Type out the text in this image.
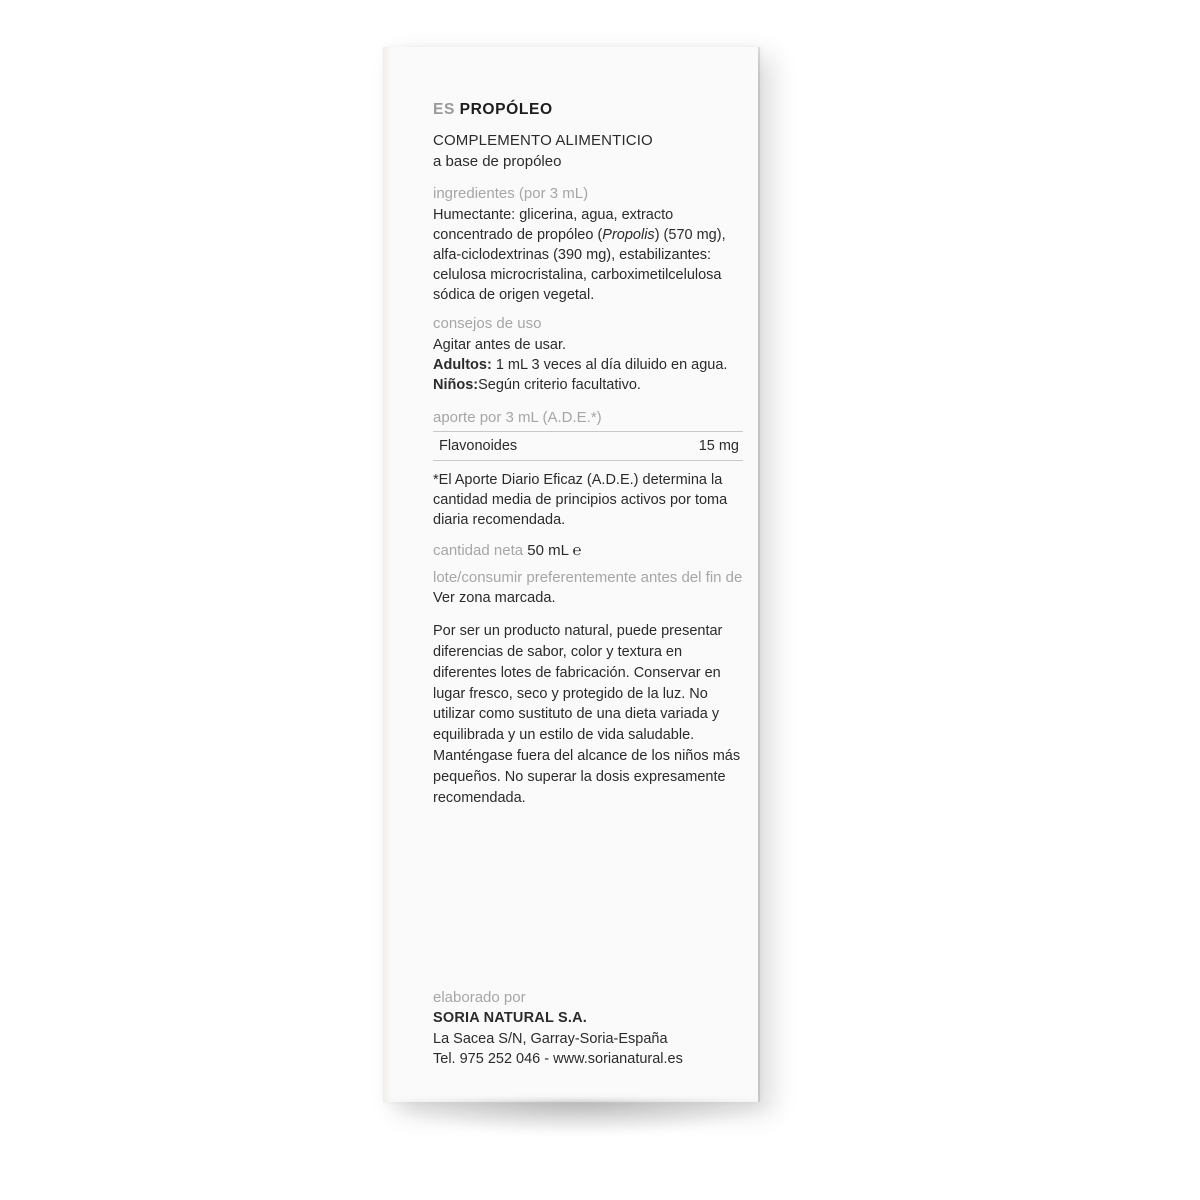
ES PROPÓLEO
COMPLEMENTO ALIMENTICIO
a base de propóleo
ingredientes (por 3 mL)
Humectante: glicerina, agua, extracto concentrado de propóleo (Propolis) (570 mg), alfa-ciclodextrinas (390 mg), estabilizantes: celulosa microcristalina, carboximetilcelulosa sódica de origen vegetal.
consejos de uso
Agitar antes de usar.
Adultos: 1 mL 3 veces al día diluido en agua.
Niños:Según criterio facultativo.
aporte por 3 mL (A.D.E.*)
Flavonoides	15 mg
*El Aporte Diario Eficaz (A.D.E.) determina la cantidad media de principios activos por toma diaria recomendada.
cantidad neta 50 mL ℮
lote/consumir preferentemente antes del fin de
Ver zona marcada.
Por ser un producto natural, puede presentar diferencias de sabor, color y textura en diferentes lotes de fabricación. Conservar en lugar fresco, seco y protegido de la luz. No utilizar como sustituto de una dieta variada y equilibrada y un estilo de vida saludable. Manténgase fuera del alcance de los niños más pequeños. No superar la dosis expresamente recomendada.
elaborado por
SORIA NATURAL S.A.
La Sacea S/N, Garray-Soria-España
Tel. 975 252 046 - www.sorianatural.es
